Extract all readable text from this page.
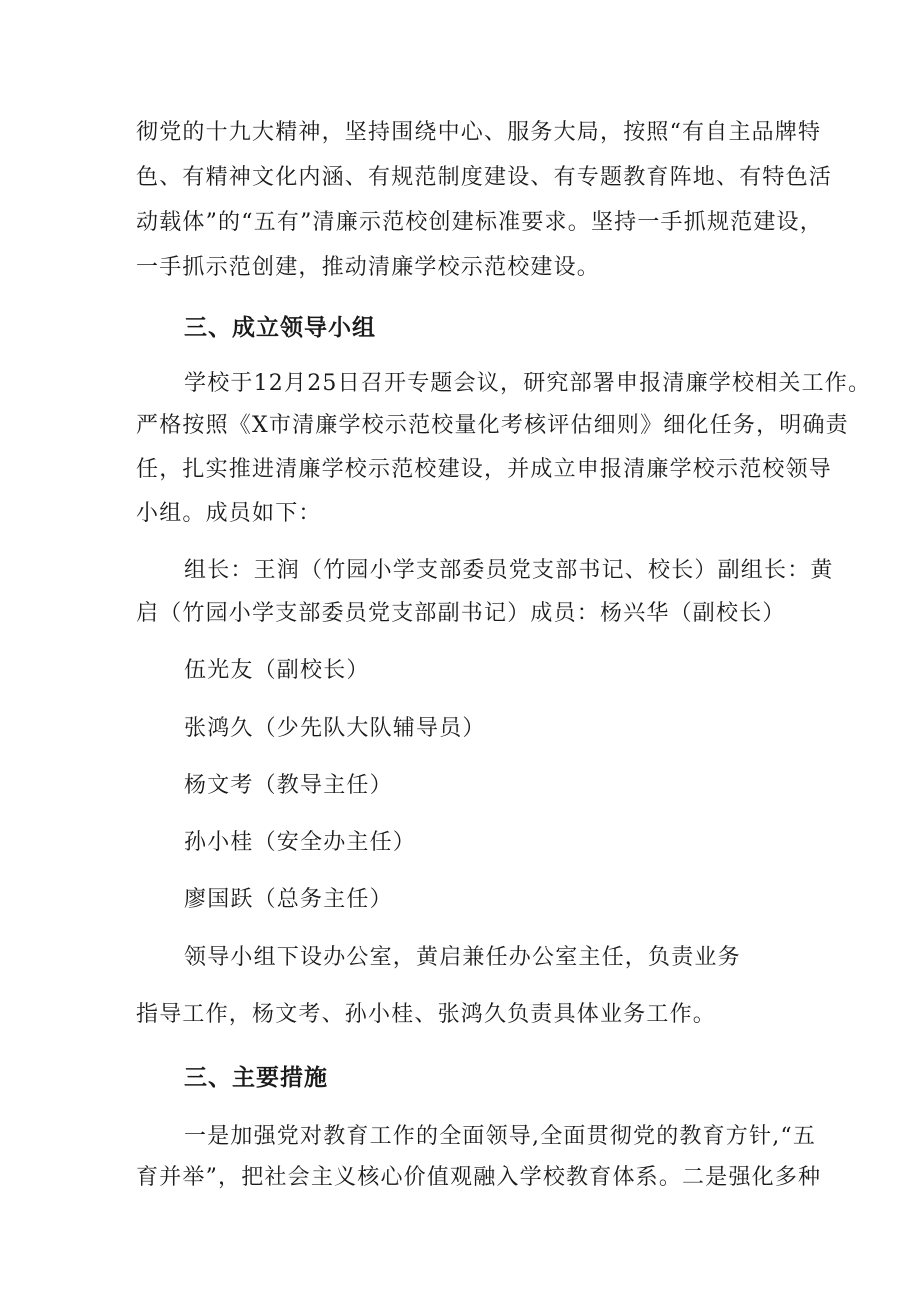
彻党的十九大精神，坚持围绕中心、服务大局，按照“有自主品牌特
色、有精神文化内涵、有规范制度建设、有专题教育阵地、有特色活
动载体”的“五有”清廉示范校创建标准要求。坚持一手抓规范建设，
一手抓示范创建，推动清廉学校示范校建设。
三、成立领导小组
学校于12月25日召开专题会议，研究部署申报清廉学校相关工作。
严格按照《X市清廉学校示范校量化考核评估细则》细化任务，明确责
任，扎实推进清廉学校示范校建设，并成立申报清廉学校示范校领导
小组。成员如下：
组长：王润（竹园小学支部委员党支部书记、校长）副组长：黄
启（竹园小学支部委员党支部副书记）成员：杨兴华（副校长）
伍光友（副校长）
张鸿久（少先队大队辅导员）
杨文考（教导主任）
孙小桂（安全办主任）
廖国跃（总务主任）
领导小组下设办公室，黄启兼任办公室主任，负责业务
指导工作，杨文考、孙小桂、张鸿久负责具体业务工作。
三、主要措施
一是加强党对教育工作的全面领导,全面贯彻党的教育方针,“五
育并举”，把社会主义核心价值观融入学校教育体系。二是强化多种
